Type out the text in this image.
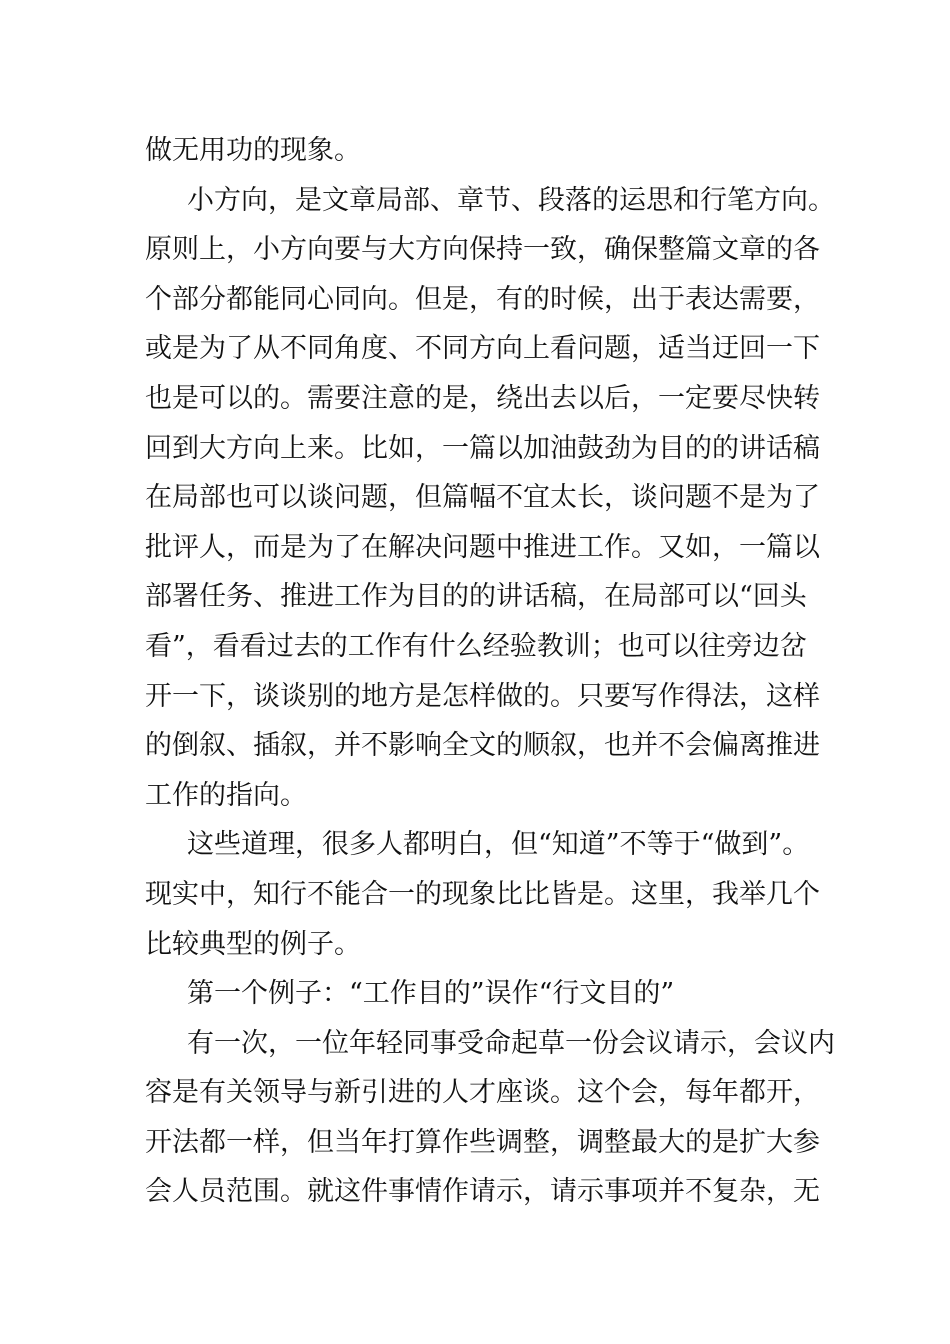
做无用功的现象。
小方向，是文章局部、章节、段落的运思和行笔方向。
原则上，小方向要与大方向保持一致，确保整篇文章的各
个部分都能同心同向。但是，有的时候，出于表达需要，
或是为了从不同角度、不同方向上看问题，适当迂回一下
也是可以的。需要注意的是，绕出去以后，一定要尽快转
回到大方向上来。比如，一篇以加油鼓劲为目的的讲话稿
在局部也可以谈问题，但篇幅不宜太长，谈问题不是为了
批评人，而是为了在解决问题中推进工作。又如，一篇以
部署任务、推进工作为目的的讲话稿，在局部可以“回头
看”，看看过去的工作有什么经验教训；也可以往旁边岔
开一下，谈谈别的地方是怎样做的。只要写作得法，这样
的倒叙、插叙，并不影响全文的顺叙，也并不会偏离推进
工作的指向。
这些道理，很多人都明白，但“知道”不等于“做到”。
现实中，知行不能合一的现象比比皆是。这里，我举几个
比较典型的例子。
第一个例子：“工作目的”误作“行文目的”
有一次，一位年轻同事受命起草一份会议请示，会议内
容是有关领导与新引进的人才座谈。这个会，每年都开，
开法都一样，但当年打算作些调整，调整最大的是扩大参
会人员范围。就这件事情作请示，请示事项并不复杂，无
